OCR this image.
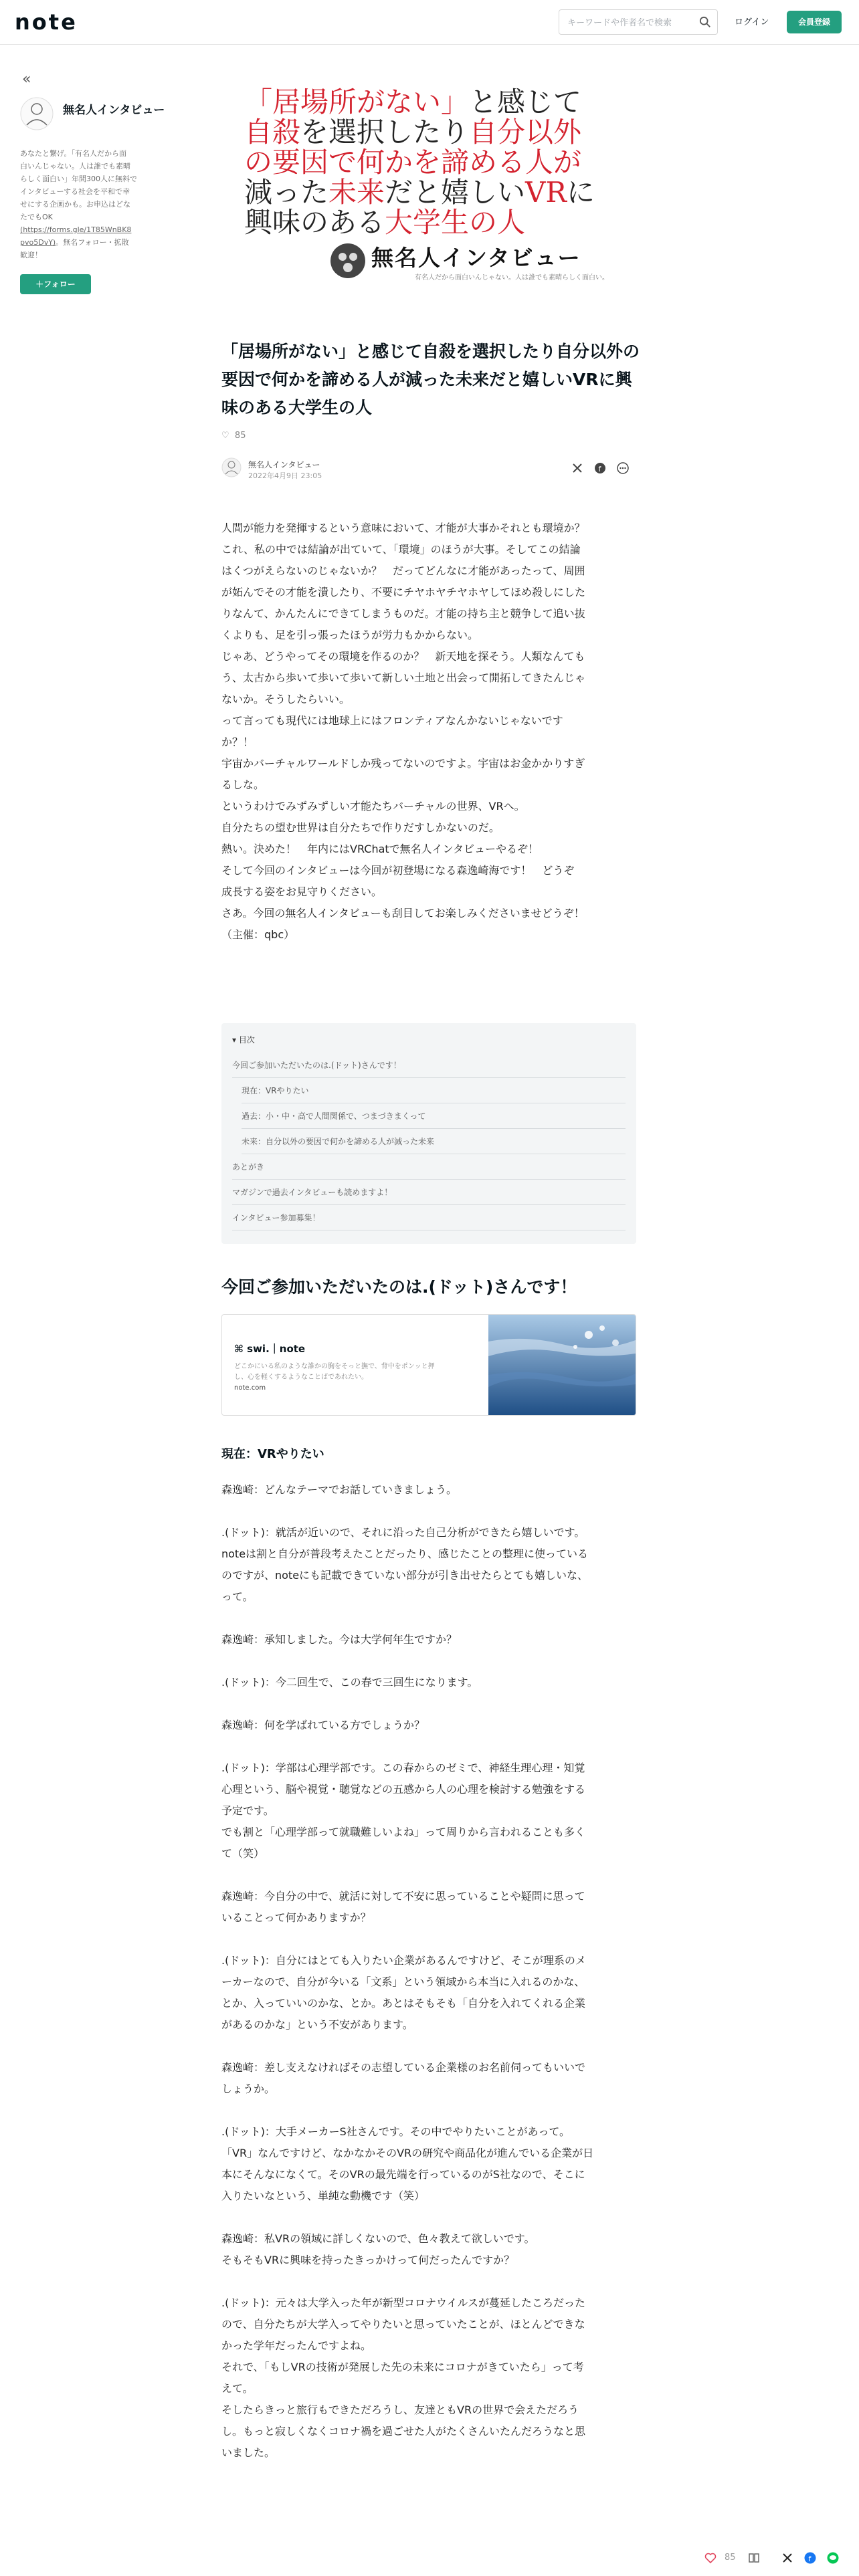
note
キーワードや作者名で検索	ログイン	会員登録
«
無名人インタビュー
あなたと繋げ。「有名人だから面
白いんじゃない。人は誰でも素晴
らしく面白い」年間300人に無料で
インタビューする社会を平和で幸
せにする企画かも。お申込はどな
たでもOK
(https://forms.gle/1T85WnBK8
pvo5DvY)。無名フォロー・拡散
歓迎！
＋フォロー
「居場所がない」と感じて
自殺を選択したり自分以外
の要因で何かを諦める人が
減った未来だと嬉しいVRに
興味のある大学生の人
無名人インタビュー
有名人だから面白いんじゃない。人は誰でも素晴らしく面白い。
「居場所がない」と感じて自殺を選択したり自分以外の要因で何かを諦める人が減った未来だと嬉しいVRに興味のある大学生の人
♡ 85
無名人インタビュー
2022年4月9日 23:05
f
人間が能力を発揮するという意味において、才能が大事かそれとも環境か？
これ、私の中では結論が出ていて、「環境」のほうが大事。そしてこの結論
はくつがえらないのじゃないか？　だってどんなに才能があったって、周囲
が妬んでその才能を潰したり、不要にチヤホヤチヤホヤしてほめ殺しにした
りなんて、かんたんにできてしまうものだ。才能の持ち主と競争して追い抜
くよりも、足を引っ張ったほうが労力もかからない。
じゃあ、どうやってその環境を作るのか？　新天地を探そう。人類なんても
う、太古から歩いて歩いて歩いて新しい土地と出会って開拓してきたんじゃ
ないか。そうしたらいい。
って言っても現代には地球上にはフロンティアなんかないじゃないです
か？！
宇宙かバーチャルワールドしか残ってないのですよ。宇宙はお金かかりすぎ
るしな。
というわけでみずみずしい才能たちバーチャルの世界、VRへ。
自分たちの望む世界は自分たちで作りだすしかないのだ。
熱い。決めた！　年内にはVRChatで無名人インタビューやるぞ！
そして今回のインタビューは今回が初登場になる森逸崎海です！　どうぞ
成長する姿をお見守りください。
さあ。今回の無名人インタビューも刮目してお楽しみくださいませどうぞ！
（主催：qbc）
▾ 目次
今回ご参加いただいたのは.(ドット)さんです！
現在：VRやりたい
過去：小・中・高で人間関係で、つまづきまくって
未来：自分以外の要因で何かを諦める人が減った未来
あとがき
マガジンで過去インタビューも読めますよ！
インタビュー参加募集！
今回ご参加いただいたのは.(ドット)さんです！
⌘ swi.｜note
どこかにいる私のような誰かの胸をそっと撫で、背中をポンッと押
し、心を軽くするようなことばであれたい。
note.com
現在：VRやりたい
森逸崎：どんなテーマでお話していきましょう。
.(ドット)：就活が近いので、それに沿った自己分析ができたら嬉しいです。
noteは割と自分が普段考えたことだったり、感じたことの整理に使っている
のですが、noteにも記載できていない部分が引き出せたらとても嬉しいな、
って。
森逸崎：承知しました。今は大学何年生ですか？
.(ドット)：今二回生で、この春で三回生になります。
森逸崎：何を学ばれている方でしょうか？
.(ドット)：学部は心理学部です。この春からのゼミで、神経生理心理・知覚
心理という、脳や視覚・聴覚などの五感から人の心理を検討する勉強をする
予定です。
でも割と「心理学部って就職難しいよね」って周りから言われることも多く
て（笑）
森逸崎：今自分の中で、就活に対して不安に思っていることや疑問に思って
いることって何かありますか？
.(ドット)：自分にはとても入りたい企業があるんですけど、そこが理系のメ
ーカーなので、自分が今いる「文系」という領域から本当に入れるのかな、
とか、入っていいのかな、とか。あとはそもそも「自分を入れてくれる企業
があるのかな」という不安があります。
森逸崎：差し支えなければその志望している企業様のお名前伺ってもいいで
しょうか。
.(ドット)：大手メーカーS社さんです。その中でやりたいことがあって。
「VR」なんですけど、なかなかそのVRの研究や商品化が進んでいる企業が日
本にそんなになくて。そのVRの最先端を行っているのがS社なので、そこに
入りたいなという、単純な動機です（笑）
森逸崎：私VRの領域に詳しくないので、色々教えて欲しいです。
そもそもVRに興味を持ったきっかけって何だったんですか？
.(ドット)：元々は大学入った年が新型コロナウイルスが蔓延したころだった
ので、自分たちが大学入ってやりたいと思っていたことが、ほとんどできな
かった学年だったんですよね。
それで、「もしVRの技術が発展した先の未来にコロナがきていたら」って考
えて。
そしたらきっと旅行もできただろうし、友達ともVRの世界で会えただろう
し。もっと寂しくなくコロナ禍を過ごせた人がたくさんいたんだろうなと思
いました。
85	f
